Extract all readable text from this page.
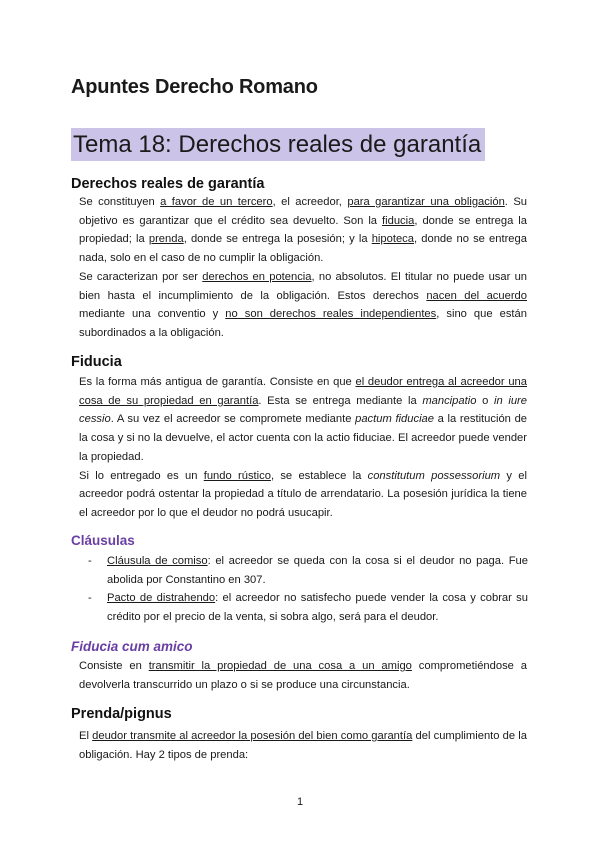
Apuntes Derecho Romano
Tema 18: Derechos reales de garantía
Derechos reales de garantía

Se constituyen a favor de un tercero, el acreedor, para garantizar una obligación. Su objetivo es garantizar que el crédito sea devuelto. Son la fiducia, donde se entrega la propiedad; la prenda, donde se entrega la posesión; y la hipoteca, donde no se entrega nada, solo en el caso de no cumplir la obligación.

Se caracterizan por ser derechos en potencia, no absolutos. El titular no puede usar un bien hasta el incumplimiento de la obligación. Estos derechos nacen del acuerdo mediante una conventio y no son derechos reales independientes, sino que están subordinados a la obligación.

Fiducia

Es la forma más antigua de garantía. Consiste en que el deudor entrega al acreedor una cosa de su propiedad en garantía. Esta se entrega mediante la mancipatio o in iure cessio. A su vez el acreedor se compromete mediante pactum fiduciae a la restitución de la cosa y si no la devuelve, el actor cuenta con la actio fiduciae. El acreedor puede vender la propiedad.

Si lo entregado es un fundo rústico, se establece la constitutum possessorium y el acreedor podrá ostentar la propiedad a título de arrendatario. La posesión jurídica la tiene el acreedor por lo que el deudor no podrá usucapir.

Cláusulas
-	Cláusula de comiso: el acreedor se queda con la cosa si el deudor no paga. Fue abolida por Constantino en 307.
-	Pacto de distrahendo: el acreedor no satisfecho puede vender la cosa y cobrar su crédito por el precio de la venta, si sobra algo, será para el deudor.
Fiducia cum amico

Consiste en transmitir la propiedad de una cosa a un amigo comprometiéndose a devolverla transcurrido un plazo o si se produce una circunstancia.

Prenda/pignus

El deudor transmite al acreedor la posesión del bien como garantía del cumplimiento de la obligación. Hay 2 tipos de prenda:

1
